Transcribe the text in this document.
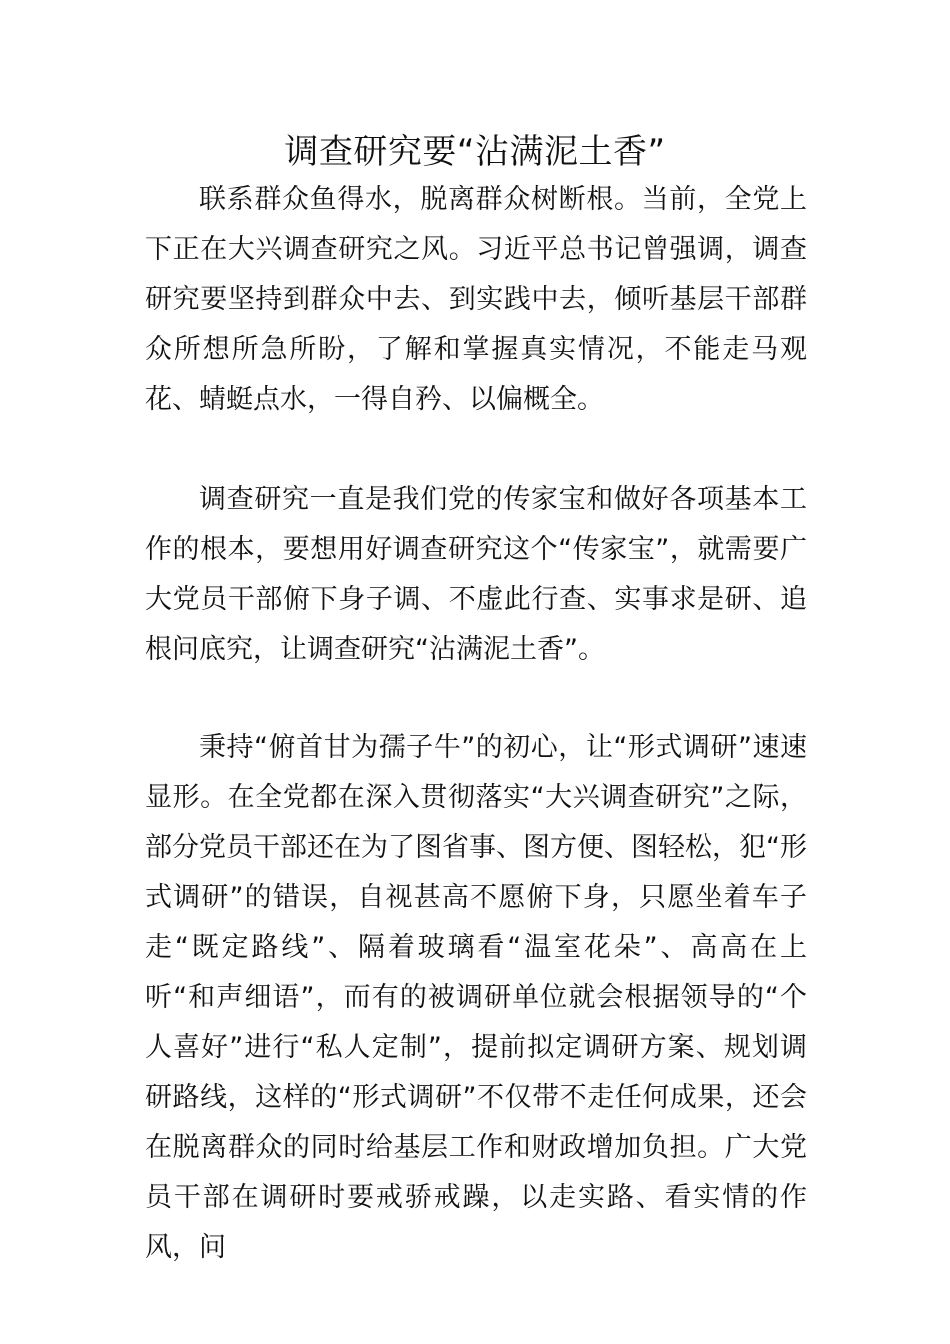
调查研究要“沾满泥土香”

联系群众鱼得水，脱离群众树断根。当前，全党上下正在大兴调查研究之风。习近平总书记曾强调，调查研究要坚持到群众中去、到实践中去，倾听基层干部群众所想所急所盼，了解和掌握真实情况，不能走马观花、蜻蜓点水，一得自矜、以偏概全。

调查研究一直是我们党的传家宝和做好各项基本工作的根本，要想用好调查研究这个“传家宝”，就需要广大党员干部俯下身子调、不虚此行查、实事求是研、追根问底究，让调查研究“沾满泥土香”。

秉持“俯首甘为孺子牛”的初心，让“形式调研”速速显形。在全党都在深入贯彻落实“大兴调查研究”之际，部分党员干部还在为了图省事、图方便、图轻松，犯“形式调研”的错误，自视甚高不愿俯下身，只愿坐着车子走“既定路线”、隔着玻璃看“温室花朵”、高高在上听“和声细语”，而有的被调研单位就会根据领导的“个人喜好”进行“私人定制”，提前拟定调研方案、规划调研路线，这样的“形式调研”不仅带不走任何成果，还会在脱离群众的同时给基层工作和财政增加负担。广大党员干部在调研时要戒骄戒躁，以走实路、看实情的作风，问
